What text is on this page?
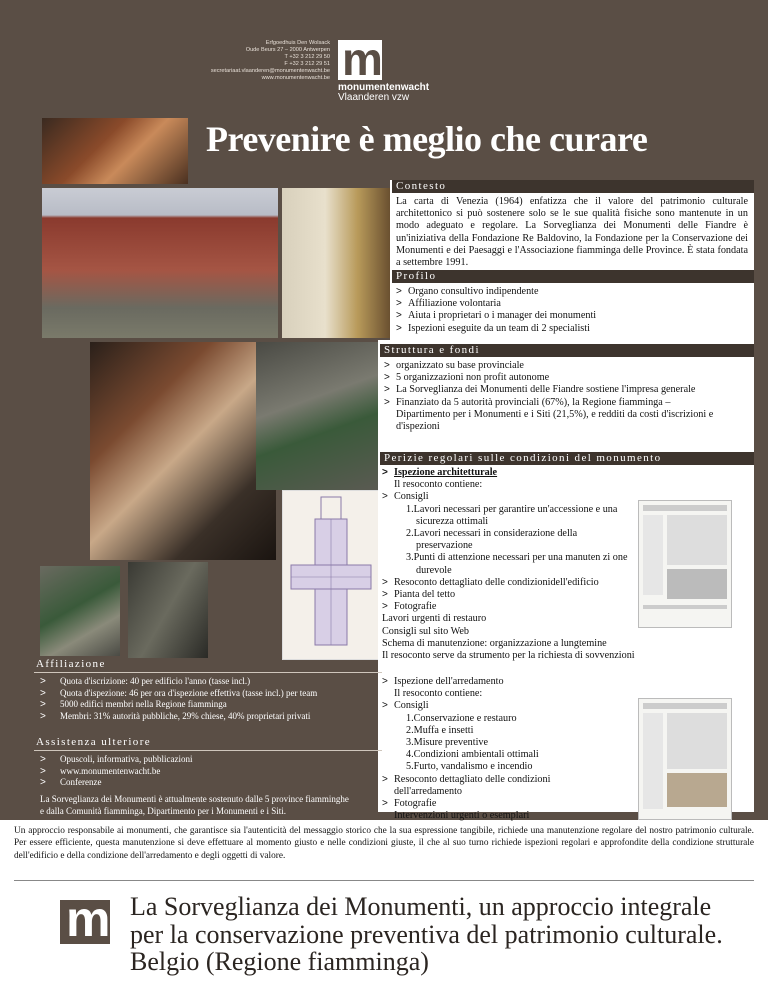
Erfgoedhuis Den Wolsack
Oude Beurs 27 – 2000 Antwerpen
T +32 3 212 29 50
F +32 3 212 29 51
secretariaat.vlaanderen@monumentenwacht.be
www.monumentenwacht.be m
monumentenwacht
Vlaanderen vzw
Prevenire è meglio che curare
Contesto
La carta di Venezia (1964) enfatizza che il valore del patrimonio culturale architettonico si può sostenere solo se le sue qualità fisiche sono mantenute in un modo adeguato e regolare. La Sorveglianza dei Monumenti delle Fiandre è un'iniziativa della Fondazione Re Baldovino, la Fondazione per la Conservazione dei Monumenti e dei Paesaggi e l'Associazione fiamminga delle Province. È stata fondata a settembre 1991.
Profilo
> Organo consultivo indipendente
> Affiliazione volontaria
> Aiuta i proprietari o i manager dei monumenti
> Ispezioni eseguite da un team di 2 specialisti
Struttura e fondi
> organizzato su base provinciale
> 5 organizzazioni non profit autonome
> La Sorveglianza dei Monumenti delle Fiandre sostiene l'impresa generale
> Finanziato da 5 autorità provinciali (67%), la Regione fiamminga – Dipartimento per i Monumenti e i Siti (21,5%), e redditi da costi d'iscrizioni e d'ispezioni
Perizie regolari sulle condizioni del monumento
> Ispezione architetturale
Il resoconto contiene:
> Consigli
1.Lavori necessari per garantire un'accessione e una sicurezza ottimali
2.Lavori necessari in considerazione della preservazione
3.Punti di attenzione necessari per una manuten zi one durevole
> Resoconto dettagliato delle condizionidell'edificio
> Pianta del tetto
> Fotografie
Lavori urgenti di restauro
Consigli sul sito Web
Schema di manutenzione: organizzazione a lungtemine
Il resoconto serve da strumento per la richiesta di sovvenzioni
> Ispezione dell'arredamento
Il resoconto contiene:
> Consigli
1.Conservazione e restauro
2.Muffa e insetti
3.Misure preventive
4.Condizioni ambientali ottimali
5.Furto, vandalismo e incendio
> Resoconto dettagliato delle condizioni dell'arredamento
> Fotografie
Intervenzioni urgenti o esemplari
Affiliazione
> Quota d'iscrizione: 40 per edificio l'anno (tasse incl.)
> Quota d'ispezione: 46 per ora d'ispezione effettiva (tasse incl.) per team
> 5000 edifici membri nella Regione fiamminga
> Membri: 31% autorità pubbliche, 29% chiese, 40% proprietari privati
Assistenza ulteriore
> Opuscoli, informativa, pubblicazioni
> www.monumentenwacht.be
> Conferenze
La Sorveglianza dei Monumenti è attualmente sostenuto dalle 5 province fiamminghe e dalla Comunità fiamminga, Dipartimento per i Monumenti e i Siti.
Un approccio responsabile ai monumenti, che garantisce sia l'autenticità del messaggio storico che la sua espressione tangibile, richiede una manutenzione regolare del nostro patrimonio culturale. Per essere efficiente, questa manutenzione si deve effettuare al momento giusto e nelle condizioni giuste, il che al suo turno richiede ispezioni regolari e approfondite della condizione strutturale dell'edificio e della condizione dell'arredamento e degli oggetti di valore.
m La Sorveglianza dei Monumenti, un approccio integrale per la conservazione preventiva del patrimonio culturale. Belgio (Regione fiamminga)
